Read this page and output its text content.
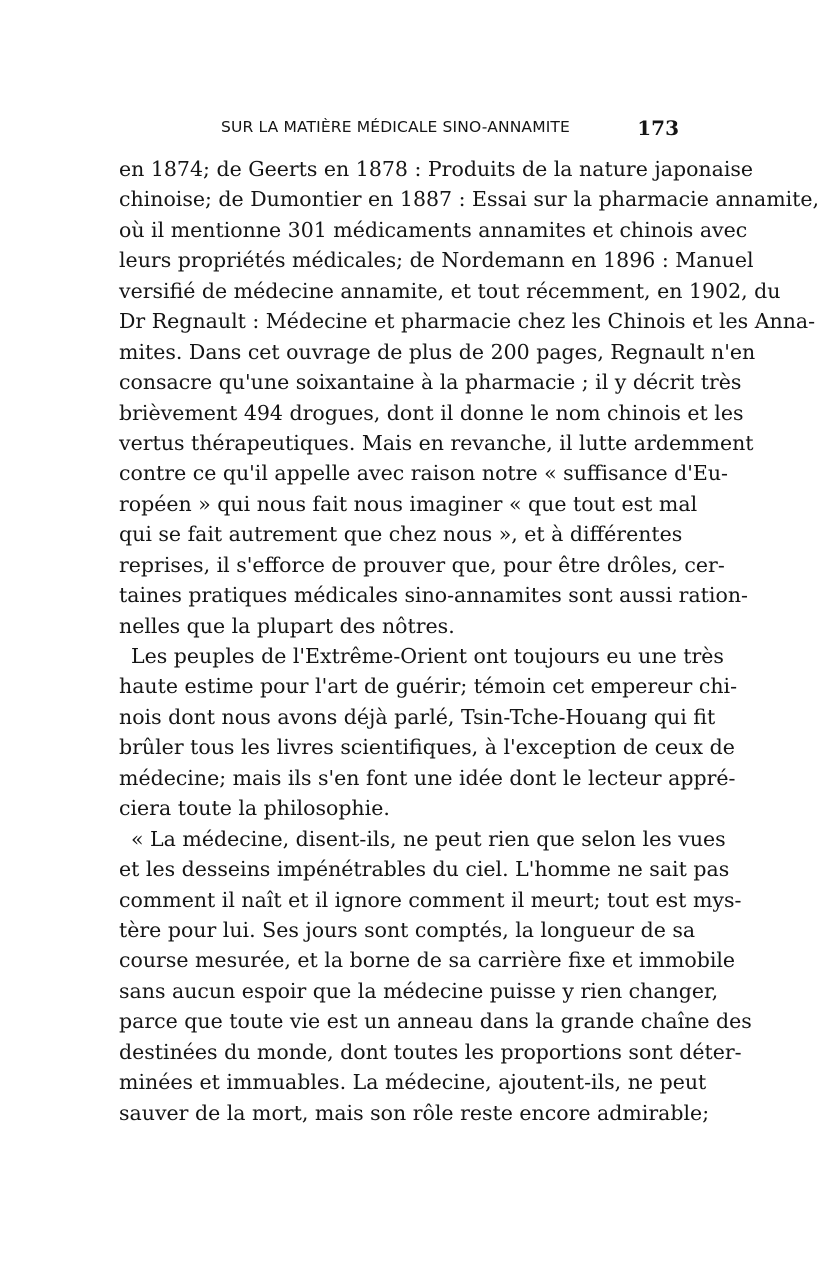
SUR LA MATIÈRE MÉDICALE SINO-ANNAMITE	173
en 1874; de Geerts en 1878 : Produits de la nature japonaise
chinoise; de Dumontier en 1887 : Essai sur la pharmacie annamite,
où il mentionne 301 médicaments annamites et chinois avec
leurs propriétés médicales; de Nordemann en 1896 : Manuel
versifié de médecine annamite, et tout récemment, en 1902, du
Dr Regnault : Médecine et pharmacie chez les Chinois et les Anna-
mites. Dans cet ouvrage de plus de 200 pages, Regnault n'en
consacre qu'une soixantaine à la pharmacie ; il y décrit très
brièvement 494 drogues, dont il donne le nom chinois et les
vertus thérapeutiques. Mais en revanche, il lutte ardemment
contre ce qu'il appelle avec raison notre « suffisance d'Eu-
ropéen » qui nous fait nous imaginer « que tout est mal
qui se fait autrement que chez nous », et à différentes
reprises, il s'efforce de prouver que, pour être drôles, cer-
taines pratiques médicales sino-annamites sont aussi ration-
nelles que la plupart des nôtres.
Les peuples de l'Extrême-Orient ont toujours eu une très
haute estime pour l'art de guérir; témoin cet empereur chi-
nois dont nous avons déjà parlé, Tsin-Tche-Houang qui fit
brûler tous les livres scientifiques, à l'exception de ceux de
médecine; mais ils s'en font une idée dont le lecteur appré-
ciera toute la philosophie.
« La médecine, disent-ils, ne peut rien que selon les vues
et les desseins impénétrables du ciel. L'homme ne sait pas
comment il naît et il ignore comment il meurt; tout est mys-
tère pour lui. Ses jours sont comptés, la longueur de sa
course mesurée, et la borne de sa carrière fixe et immobile
sans aucun espoir que la médecine puisse y rien changer,
parce que toute vie est un anneau dans la grande chaîne des
destinées du monde, dont toutes les proportions sont déter-
minées et immuables. La médecine, ajoutent-ils, ne peut
sauver de la mort, mais son rôle reste encore admirable;
